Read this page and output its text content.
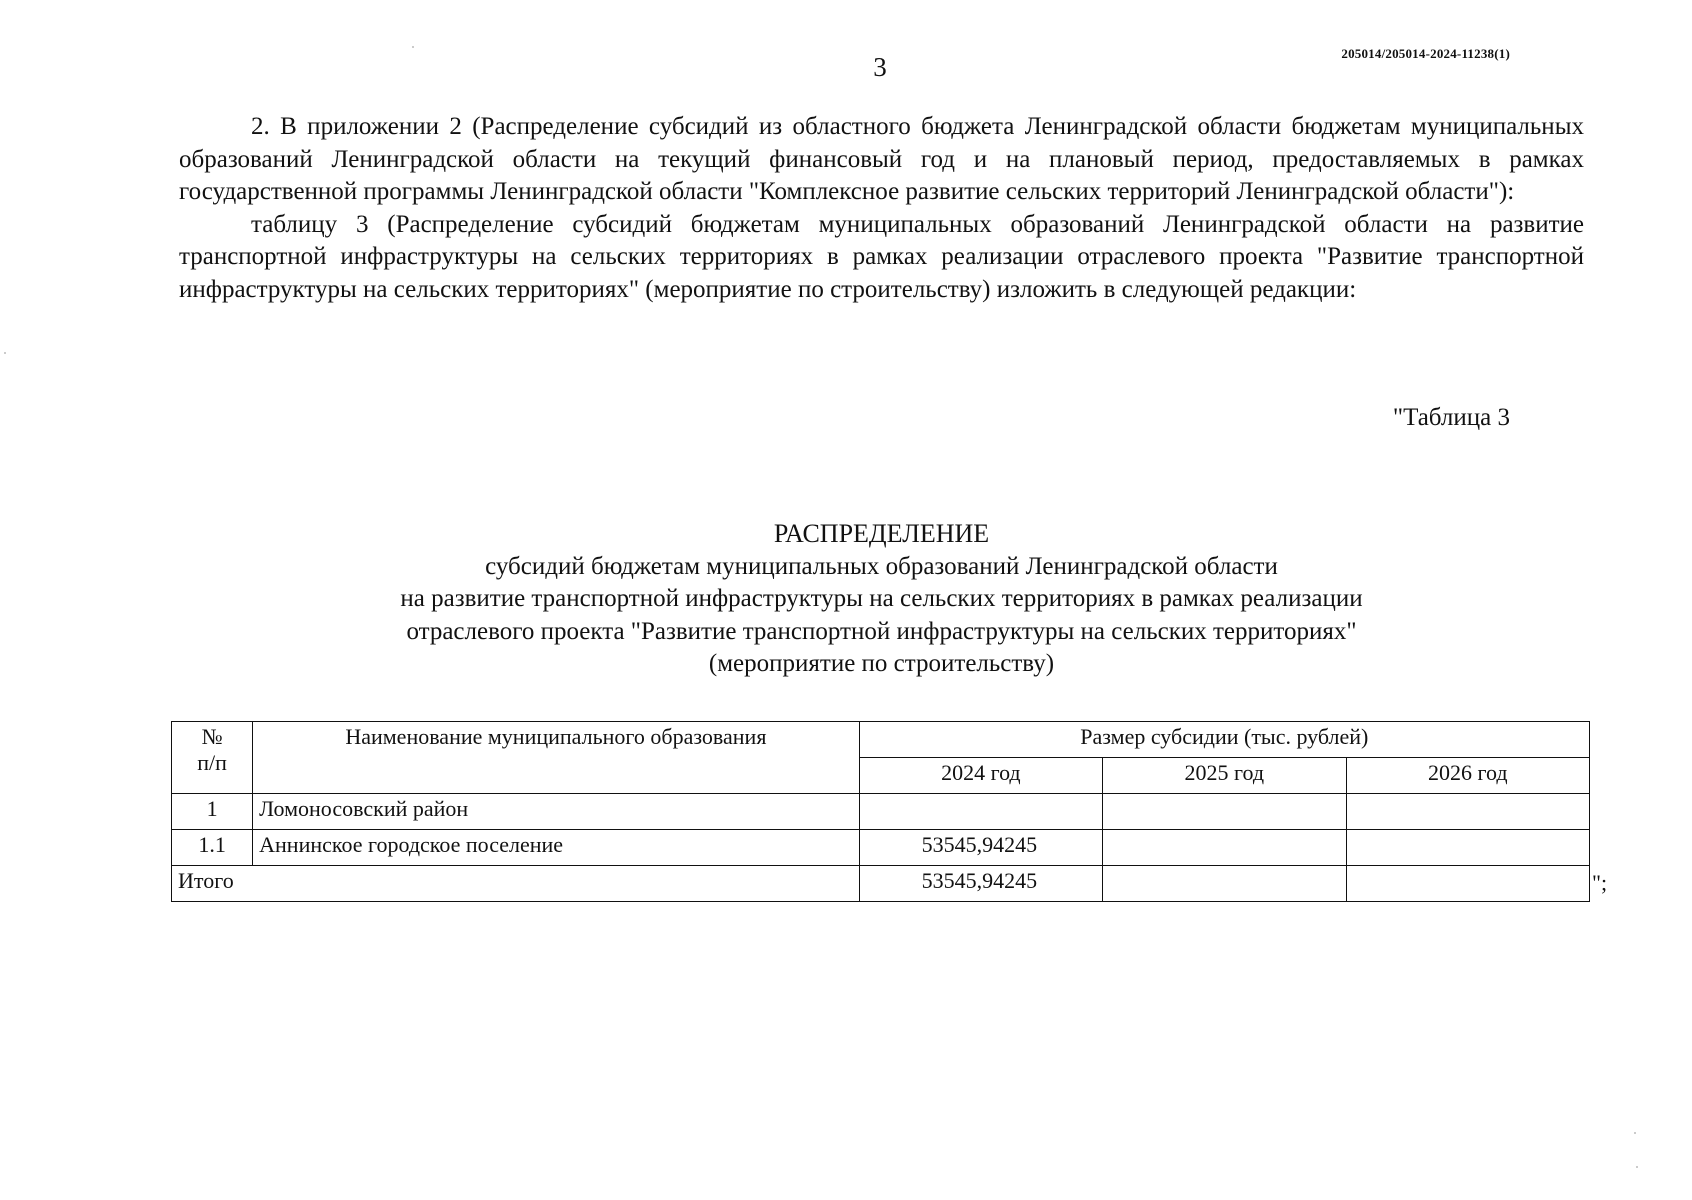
3	205014/205014-2024-11238(1)

2. В приложении 2 (Распределение субсидий из областного бюджета Ленинградской области бюджетам муниципальных образований Ленинградской области на текущий финансовый год и на плановый период, предоставляемых в рамках государственной программы Ленинградской области "Комплексное развитие сельских территорий Ленинградской области"):

таблицу 3 (Распределение субсидий бюджетам муниципальных образований Ленинградской области на развитие транспортной инфраструктуры на сельских территориях в рамках реализации отраслевого проекта "Развитие транспортной инфраструктуры на сельских территориях" (мероприятие по строительству) изложить в следующей редакции:

"Таблица 3
РАСПРЕДЕЛЕНИЕ
субсидий бюджетам муниципальных образований Ленинградской области
на развитие транспортной инфраструктуры на сельских территориях в рамках реализации
отраслевого проекта "Развитие транспортной инфраструктуры на сельских территориях"
(мероприятие по строительству)
№
п/п	Наименование муниципального образования	Размер субсидии (тыс. рублей)		
		2024 год	2025 год	2026 год
1	Ломоносовский район			
1.1	Аннинское городское поселение	53545,94245		
Итого		53545,94245			";
